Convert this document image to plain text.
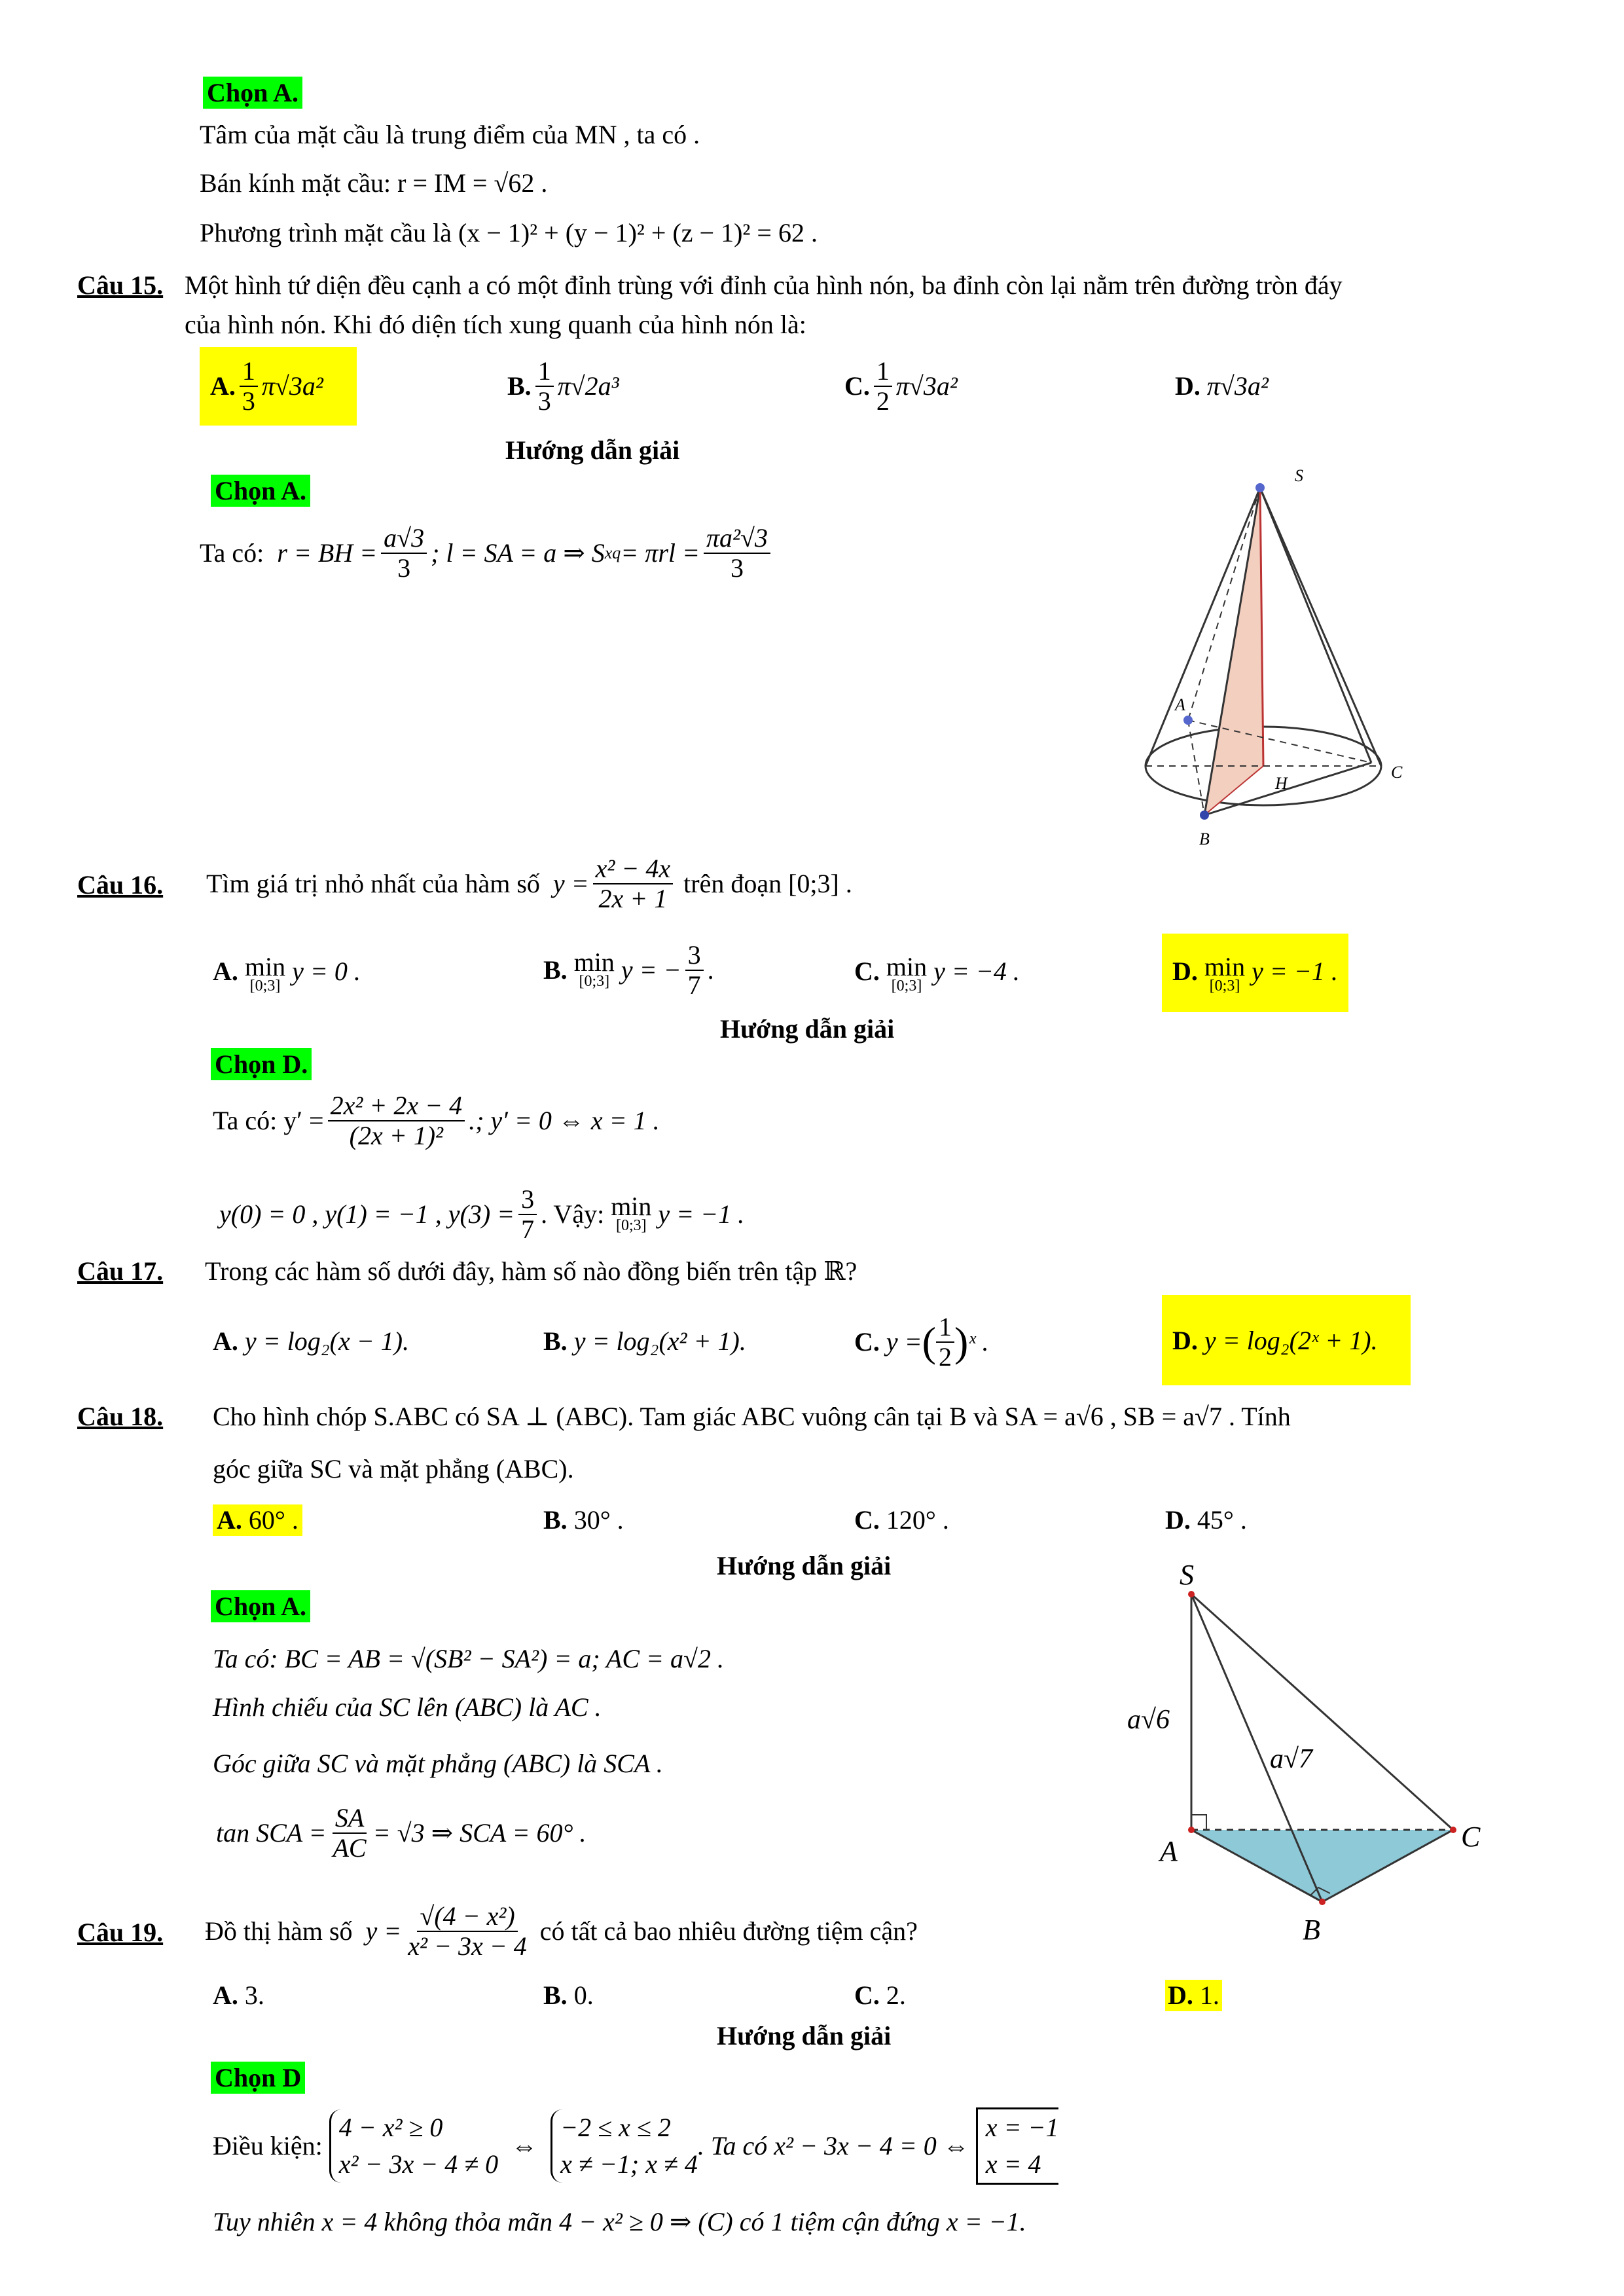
Chọn A.
Tâm của mặt cầu là trung điểm của MN , ta có .
Bán kính mặt cầu: r = IM = √62 .
Phương trình mặt cầu là (x − 1)² + (y − 1)² + (z − 1)² = 62 .
Câu 15. Một hình tứ diện đều cạnh a có một đỉnh trùng với đỉnh của hình nón, ba đỉnh còn lại nằm trên đường tròn đáy
của hình nón. Khi đó diện tích xung quanh của hình nón là:
A. $\frac{1}{3} \pi√3a^2$	B. $\frac{1}{3} \pi√2a^3$	C. $\frac{1}{2} \pi√3a^2$	D. π√3a²
Hướng dẫn giải
Chọn A.
Ta có:
r = BH = $\frac{a√3}{3}$ ; l = SA = a ⇒ S xq = $\pi rl = \frac{\text{πa²√3}}{3}$
S
A
H
C
B
Câu 16. Tìm giá trị nhỏ nhất của hàm số
$y = \frac{\text{x² − 4x}}{2x + 1}$
trên đoạn [0;3] .
A.
min
[0;3]
y = 0 .	B.
min
[0;3]
y = − $\frac{3}{7}$ .	C.
min
[0;3]
y = −4 .	D.
min
[0;3]
y = −1 .
Hướng dẫn giải
Chọn D.
Ta có: $y' = \frac{\text{2x² + 2x − 4}}{\text{(2x + 1)²}}$ .; y′ = 0 ⇔ x = 1 .
y(0) = 0 , y(1) = −1 , $y(3) = \frac{3}{7}$ . Vậy:
min
[0;3]
y = −1 .
Câu 17. Trong các hàm số dưới đây, hàm số nào đồng biến trên tập ℝ?
A. y = log₂(x − 1).	B. y = log₂(x² + 1).	C.
y = ( $\frac{1}{2}$ ) ˣ .	D. y = log₂(2ˣ + 1).
Câu 18. Cho hình chóp S.ABC có SA ⊥ (ABC). Tam giác ABC vuông cân tại B và SA = a√6 , SB = a√7 . Tính
góc giữa SC và mặt phẳng (ABC).
A. 60° .	B. 30° .	C. 120° .	D. 45° .
Hướng dẫn giải
Chọn A.
Ta có: BC = AB = √(SB² − SA²) = a; AC = a√2 .
Hình chiếu của SC lên (ABC) là AC .
Góc giữa SC và mặt phẳng (ABC) là SCA .
tan SCA = $\frac{SA}{AC} = √3$ ⇒ SCA = 60° .
S
A	C
B
a√6
a√7
Câu 19. Đồ thị hàm số
$y = \frac{\text{√(4 − x²)}}{\text{x² − 3x − 4}}$
có tất cả bao nhiêu đường tiệm cận?
A. 3.	B. 0.	C. 2.	D. 1.
Hướng dẫn giải
Chọn D
Điều kiện:

4 − x² ≥ 0
x² − 3x − 4 ≠ 0

⇔

−2 ≤ x ≤ 2
x ≠ −1; x ≠ 4
. Ta có x² − 3x − 4 = 0 ⇔

x = −1
x = 4
Tuy nhiên x = 4 không thỏa mãn 4 − x² ≥ 0 ⇒ (C) có 1 tiệm cận đứng x = −1.
